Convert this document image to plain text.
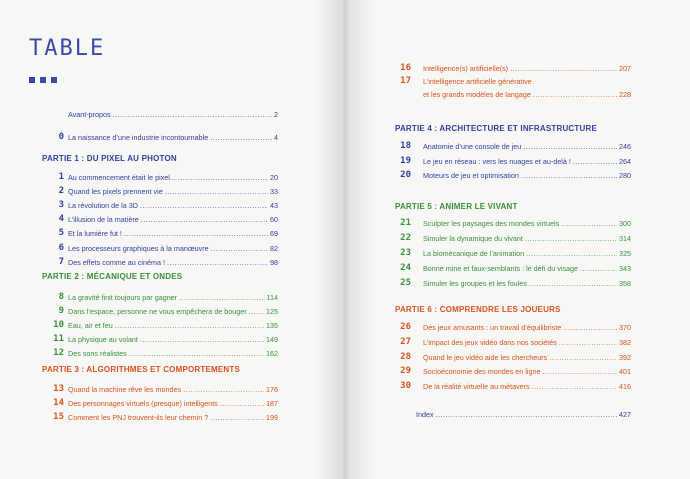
TABLE
Avant-propos .....	2
0 La naissance d’une industrie incontournable .....	4
PARTIE 1 : DU PIXEL AU PHOTON
1 Au commencement était le pixel... .....	20
2 Quand les pixels prennent vie .....	33
3 La révolution de la 3D .....	43
4 L’illusion de la matière .....	60
5 Et la lumière fut ! .....	69
6 Les processeurs graphiques à la manœuvre .....	82
7 Des effets comme au cinéma ! .....	98
PARTIE 2 : MÉCANIQUE ET ONDES
8 La gravité finit toujours par gagner .....	114
9 Dans l’espace, personne ne vous empêchera de bouger .....	125
10 Eau, air et feu .....	135
11 La physique au volant .....	149
12 Des sons réalistes .....	162
PARTIE 3 : ALGORITHMES ET COMPORTEMENTS
13 Quand la machine rêve les mondes .....	176
14 Des personnages virtuels (presque) intelligents .....	187
15 Comment les PNJ trouvent-ils leur chemin ? .....	199
16 Intelligence(s) artificielle(s) .....	207
17 L’intelligence artificielle générative
et les grands modèles de langage .....	228
PARTIE 4 : ARCHITECTURE ET INFRASTRUCTURE
18 Anatomie d’une console de jeu .....	246
19 Le jeu en réseau : vers les nuages et au-delà ! .....	264
20 Moteurs de jeu et optimisation .....	280
PARTIE 5 : ANIMER LE VIVANT
21 Sculpter les paysages des mondes virtuels .....	300
22 Simuler la dynamique du vivant .....	314
23 La biomécanique de l’animation .....	325
24 Bonne mine et faux-semblants : le défi du visage .....	343
25 Simuler les groupes et les foules .....	358
PARTIE 6 : COMPRENDRE LES JOUEURS
26 Des jeux amusants : un travail d’équilibriste .....	370
27 L’impact des jeux vidéo dans nos sociétés .....	382
28 Quand le jeu vidéo aide les chercheurs .....	392
29 Socioéconomie des mondes en ligne .....	401
30 De la réalité virtuelle au métavers .....	416
Index .....	427
